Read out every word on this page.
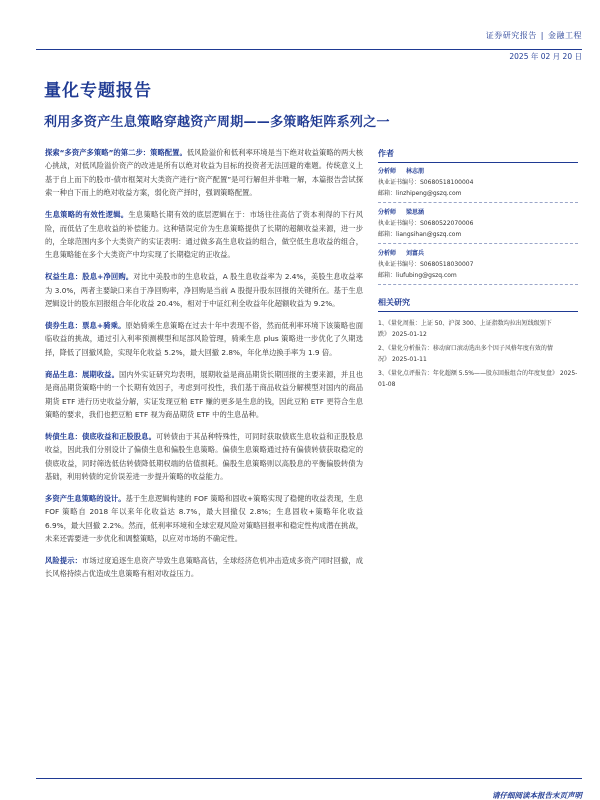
证券研究报告 | 金融工程
2025 年 02 月 20 日
量化专题报告
利用多资产生息策略穿越资产周期——多策略矩阵系列之一

探索“多资产多策略”的第二步：策略配置。低风险溢价和低利率环境是当下绝对收益策略的两大核心挑战，对低风险溢价资产的改进是所有以绝对收益为目标的投资者无法回避的难题。传统意义上基于自上而下的股市-债市框架对大类资产进行“资产配置”是可行解但并非唯一解，本篇报告尝试探索一种自下而上的绝对收益方案，弱化资产择时，强调策略配置。

生息策略的有效性逻辑。生息策略长期有效的底层逻辑在于：市场往往高估了资本利得的下行风险，而低估了生息收益的补偿能力。这种错误定价为生息策略提供了长期的超额收益来源，进一步的，全球范围内多个大类资产的实证表明：通过做多高生息收益的组合，做空低生息收益的组合，生息策略能在多个大类资产中均实现了长期稳定的正收益。

权益生息：股息+净回购。对比中美股市的生息收益，A 股生息收益率为 2.4%，美股生息收益率为 3.0%，两者主要缺口来自于净回购率，净回购是当前 A 股提升股东回报的关键所在。基于生息逻辑设计的股东回报组合年化收益 20.4%，相对于中证红利全收益年化超额收益为 9.2%。

债券生息：票息+骑乘。原始骑乘生息策略在过去十年中表现不俗，然而低利率环境下该策略也面临收益的挑战，通过引入利率预测模型和尾部风险管理，骑乘生息 plus 策略进一步优化了久期选择，降低了回撤风险，实现年化收益 5.2%，最大回撤 2.8%，年化单边换手率为 1.9 倍。

商品生息：展期收益。国内外实证研究均表明，展期收益是商品期货长期回报的主要来源，并且也是商品期货策略中的一个长期有效因子，考虑到可投性，我们基于商品收益分解模型对国内的商品期货 ETF 进行历史收益分解，实证发现豆粕 ETF 赚的更多是生息的钱，因此豆粕 ETF 更符合生息策略的要求，我们也把豆粕 ETF 视为商品期货 ETF 中的生息品种。

转债生息：债底收益和正股股息。可转债由于其品种特殊性，可同时获取债底生息收益和正股股息收益，因此我们分别设计了偏债生息和偏股生息策略。偏债生息策略通过持有偏债转债获取稳定的债底收益，同时筛选低估转债降低期权端的估值损耗。偏股生息策略则以高股息的平衡偏股转债为基础，利用转债的定价误差进一步提升策略的收益能力。

多资产生息策略的设计。基于生息逻辑构建的 FOF 策略和固收+策略实现了稳健的收益表现，生息 FOF 策略自 2018 年以来年化收益达 8.7%，最大回撤仅 2.8%；生息固收+策略年化收益 6.9%，最大回撤 2.2%。然而，低利率环境和全球宏观风险对策略回报率和稳定性构成潜在挑战，未来还需要进一步优化和调整策略，以应对市场的不确定性。

风险提示：市场过度追逐生息资产导致生息策略高估，全球经济危机冲击造成多资产同时回撤，成长风格持续占优造成生息策略有相对收益压力。

作者
分析师 林志朋
执业证书编号：S0680518100004
邮箱：linzhipeng@gszq.com
分析师 梁思涵
执业证书编号：S0680522070006
邮箱：liangsihan@gszq.com
分析师 刘富兵
执业证书编号：S0680518030007
邮箱：liufubing@gszq.com
相关研究
1、《量化周报：上证 50、沪深 300、上证指数均拉出短线级别下跌》 2025-01-12
2、《量化分析报告：移动窗口滚动选出多个因子风格年度有效的情况》 2025-01-11
3、《量化点评报告：年化超额 5.5%——股东回报组合的年度复盘》 2025-01-08
请仔细阅读本报告末页声明
